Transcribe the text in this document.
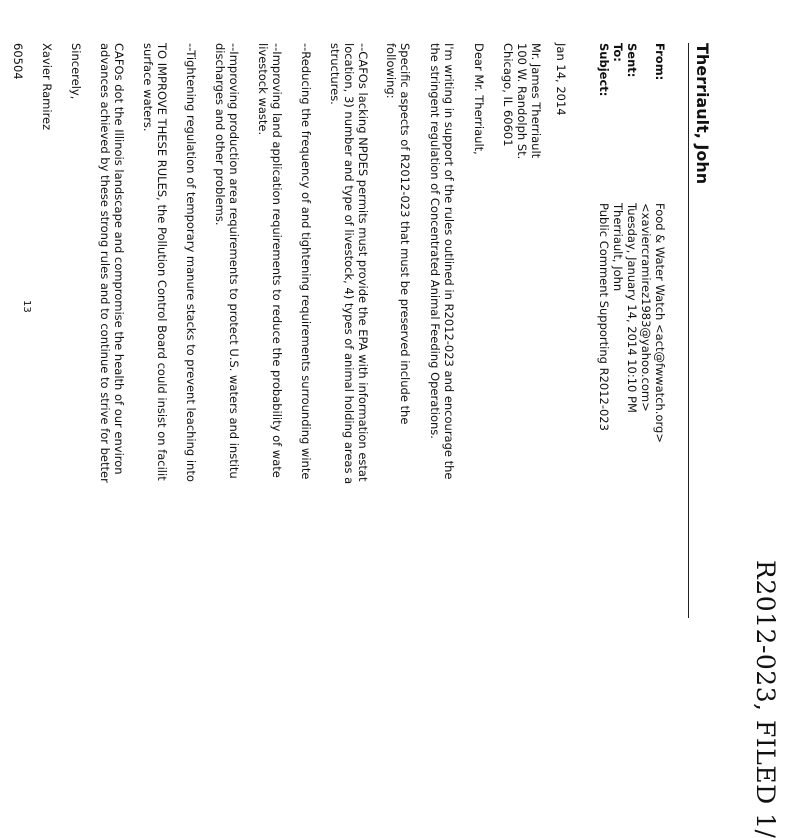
R2012-023, FILED 1/
Therriault, John
From:
Food & Water Watch <act@fwwatch.org>
<xaviercramirez1983@yahoo.com>
Sent:
Tuesday, January 14, 2014 10:10 PM
To:
Therriault, John
Subject:
Public Comment Supporting R2012-023
Jan 14, 2014
Mr. James Therriault
100 W. Randolph St.
Chicago, IL 60601
Dear Mr. Therriault,
I'm writing in support of the rules outlined in R2012-023 and encourage the
the stringent regulation of Concentrated Animal Feeding Operations.
Specific aspects of R2012-023 that must be preserved include the
following:
--CAFOs lacking NPDES permits must provide the EPA with information estat
location, 3) number and type of livestock, 4) types of animal holding areas a
structures.
--Reducing the frequency of and tightening requirements surrounding winte
--Improving land application requirements to reduce the probability of wate
livestock waste.
--Improving production area requirements to protect U.S. waters and institu
discharges and other problems.
--Tightening regulation of temporary manure stacks to prevent leaching into
TO IMPROVE THESE RULES, the Pollution Control Board could insist on facilit
surface waters.
CAFOs dot the Illinois landscape and compromise the health of our environ
advances achieved by these strong rules and to continue to strive for better
Sincerely,
Xavier Ramirez
60504
13
